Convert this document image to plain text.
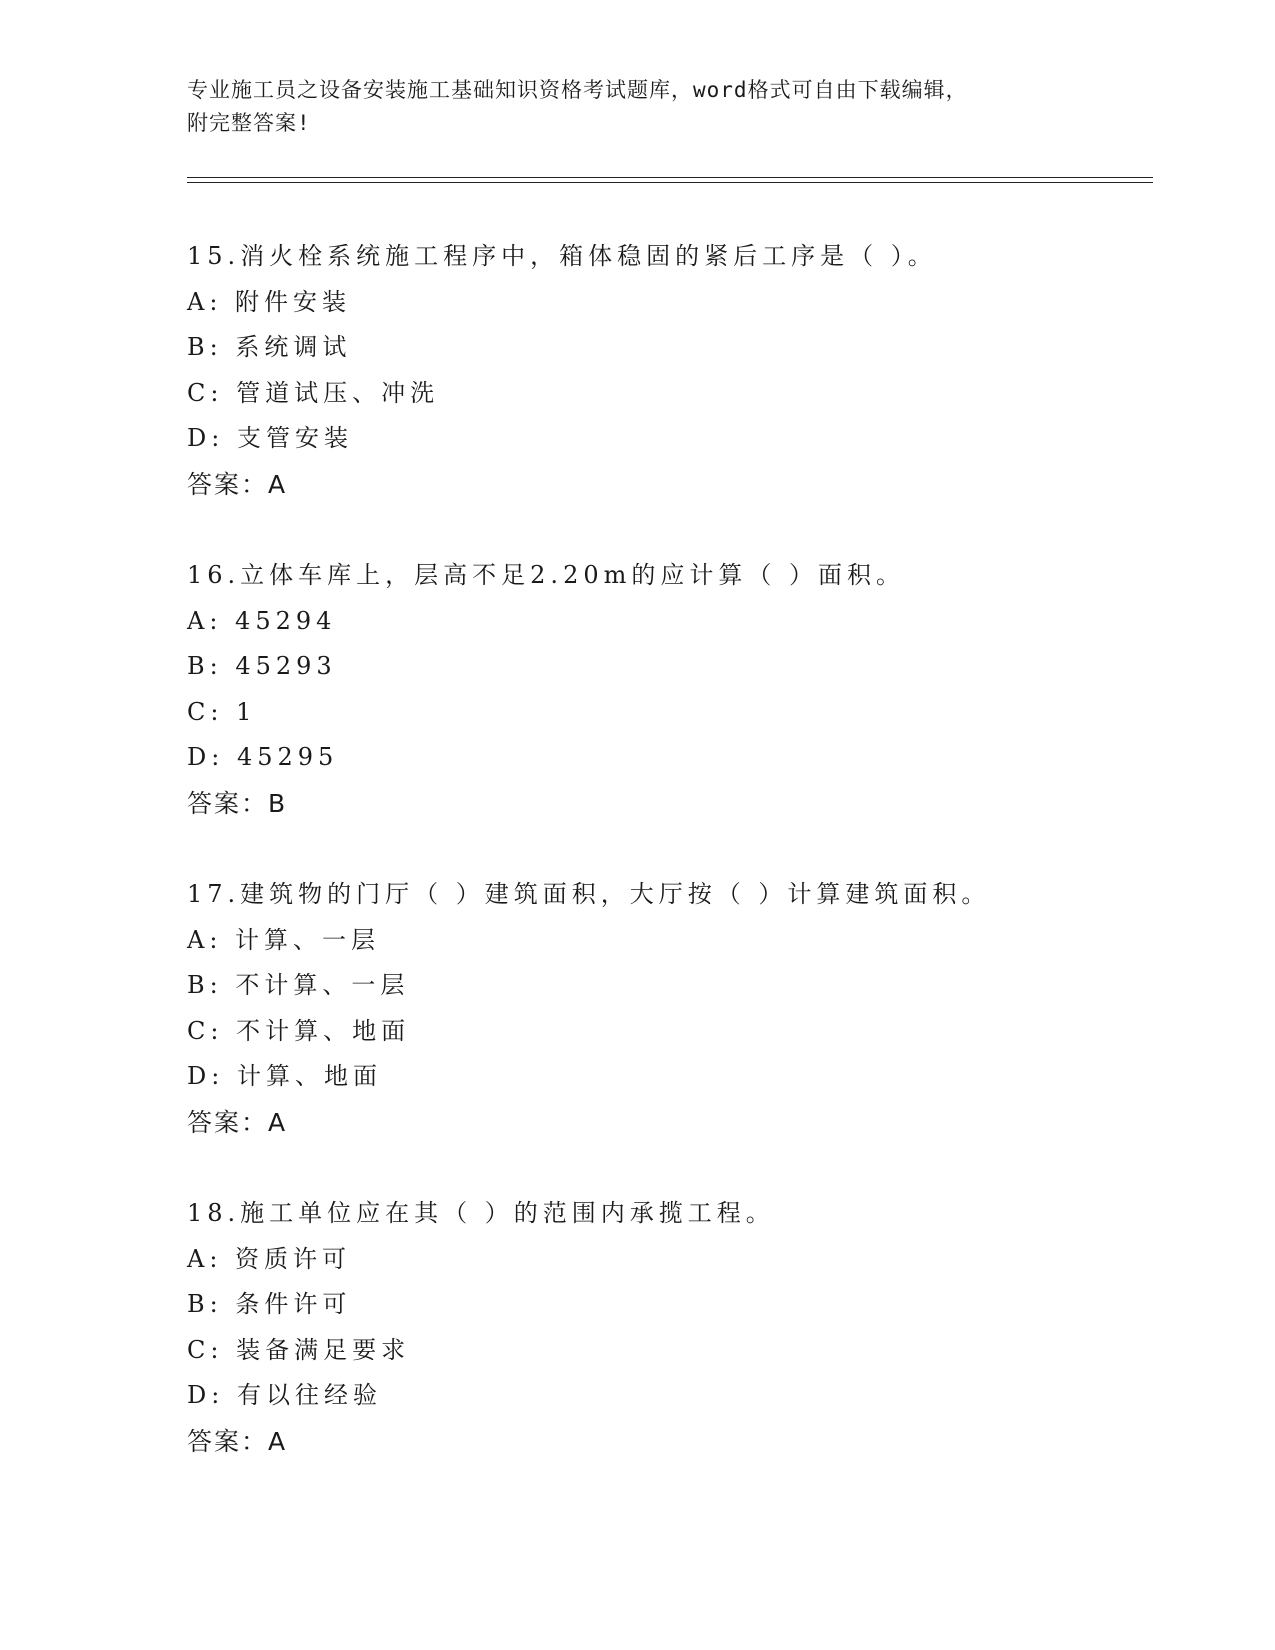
专业施工员之设备安装施工基础知识资格考试题库，word格式可自由下载编辑，
附完整答案!
15.消火栓系统施工程序中，箱体稳固的紧后工序是（ ）。
A: 附件安装
B: 系统调试
C: 管道试压、冲洗
D: 支管安装
答案：A
16.立体车库上，层高不足2.20m的应计算（ ）面积。
A: 45294
B: 45293
C: 1
D: 45295
答案：B
17.建筑物的门厅（ ）建筑面积，大厅按（ ）计算建筑面积。
A: 计算、一层
B: 不计算、一层
C: 不计算、地面
D: 计算、地面
答案：A
18.施工单位应在其（ ）的范围内承揽工程。
A: 资质许可
B: 条件许可
C: 装备满足要求
D: 有以往经验
答案：A
